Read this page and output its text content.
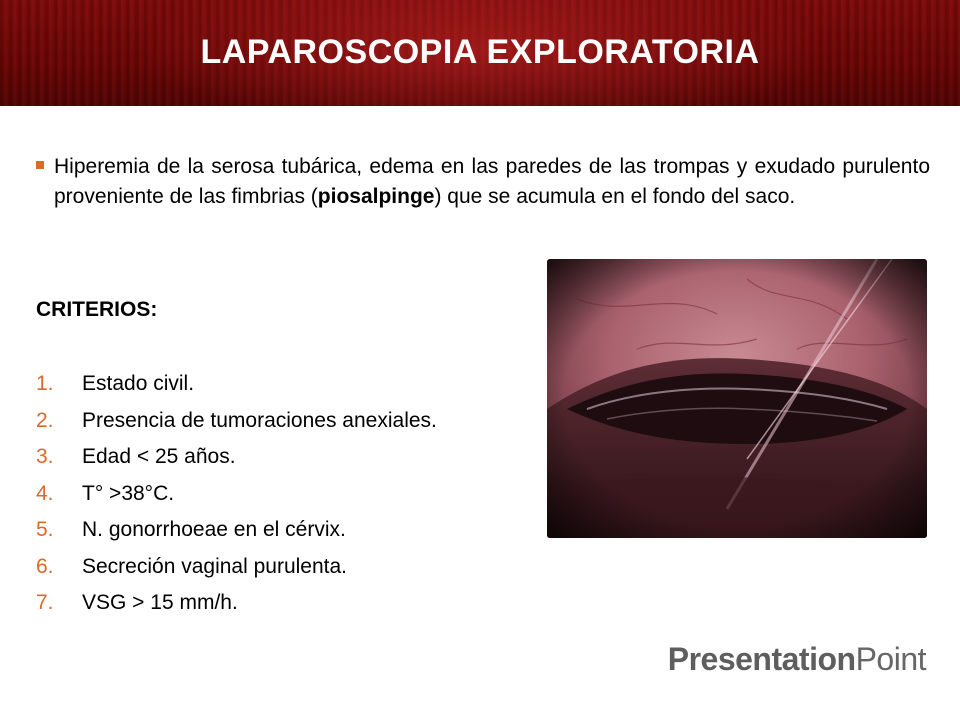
LAPAROSCOPIA EXPLORATORIA
Hiperemia de la serosa tubárica, edema en las paredes de las trompas y exudado purulento proveniente de las fimbrias (piosalpinge) que se acumula en el fondo del saco.
CRITERIOS:
1. Estado civil.
2. Presencia de tumoraciones anexiales.
3. Edad < 25 años.
4. T° >38°C.
5. N. gonorrhoeae en el cérvix.
6. Secreción vaginal purulenta.
7. VSG > 15 mm/h.
PresentationPoint
